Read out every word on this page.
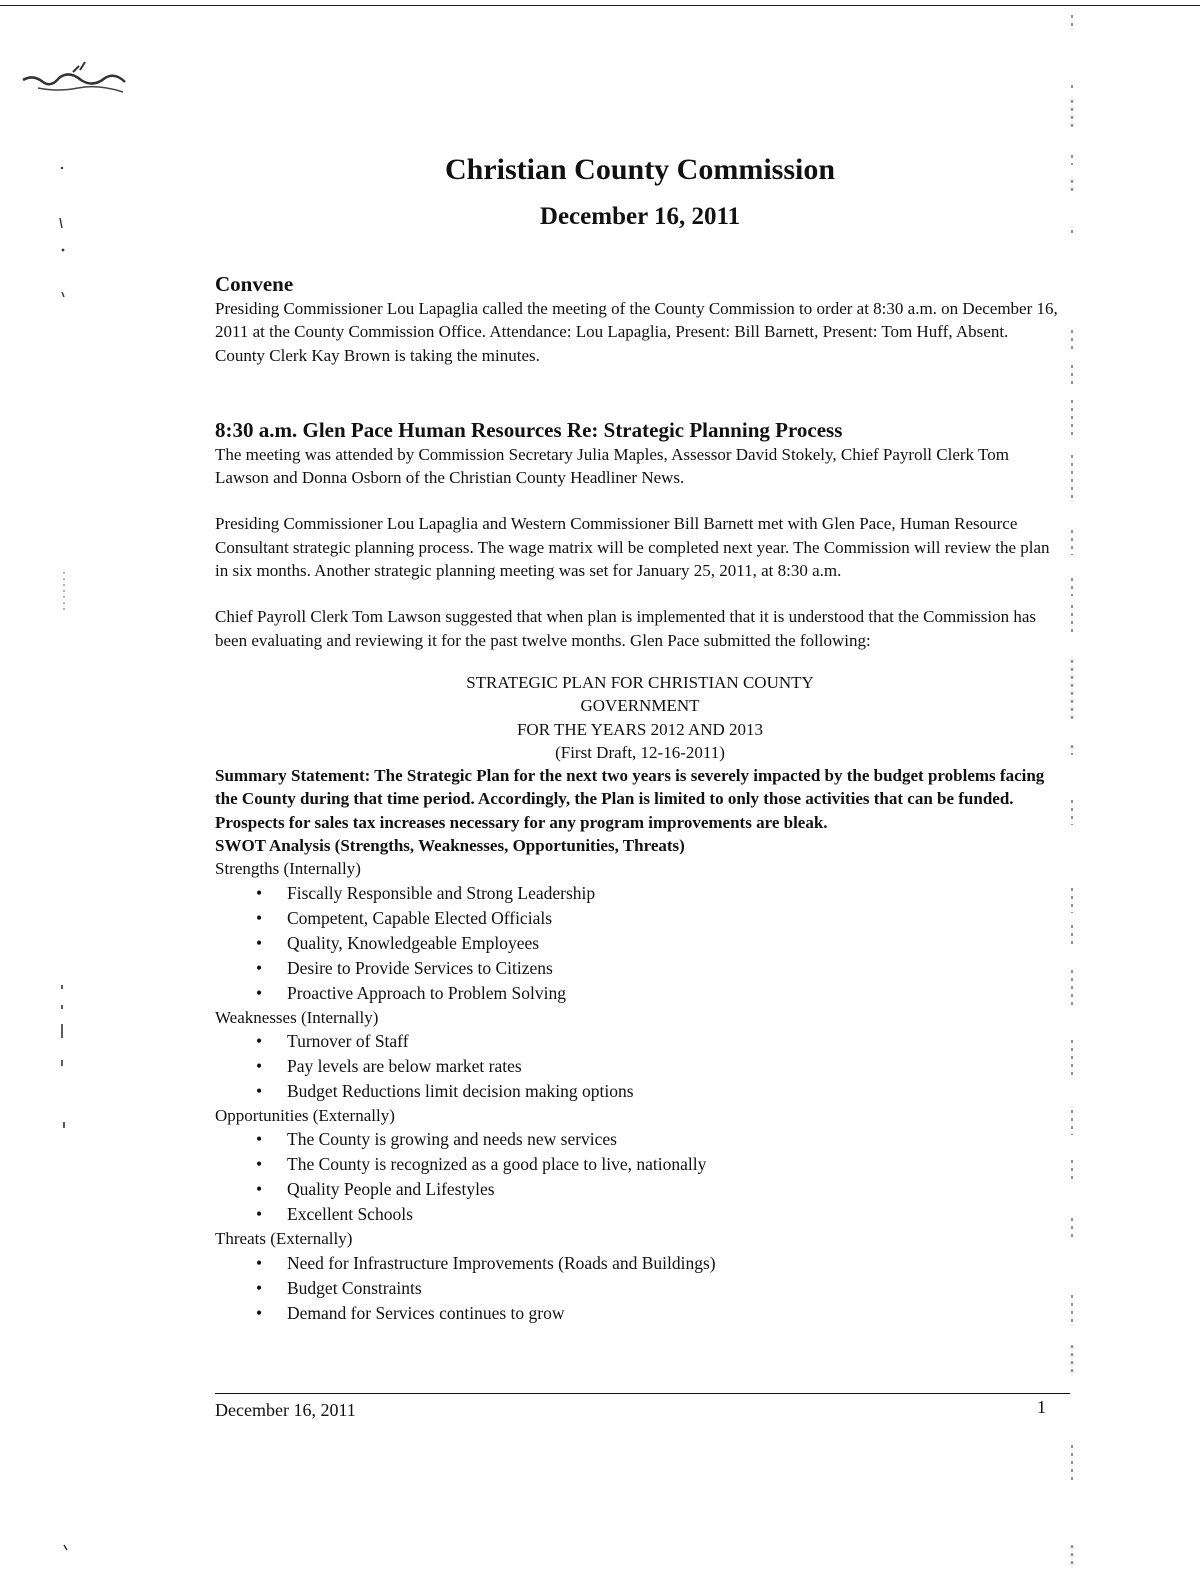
Christian County Commission
December 16, 2011
Convene

Presiding Commissioner Lou Lapaglia called the meeting of the County Commission to order at 8:30 a.m. on December 16, 2011 at the County Commission Office. Attendance: Lou Lapaglia, Present: Bill Barnett, Present: Tom Huff, Absent. County Clerk Kay Brown is taking the minutes.

8:30 a.m. Glen Pace Human Resources Re: Strategic Planning Process

The meeting was attended by Commission Secretary Julia Maples, Assessor David Stokely, Chief Payroll Clerk Tom Lawson and Donna Osborn of the Christian County Headliner News.

Presiding Commissioner Lou Lapaglia and Western Commissioner Bill Barnett met with Glen Pace, Human Resource Consultant strategic planning process. The wage matrix will be completed next year. The Commission will review the plan in six months. Another strategic planning meeting was set for January 25, 2011, at 8:30 a.m.

Chief Payroll Clerk Tom Lawson suggested that when plan is implemented that it is understood that the Commission has been evaluating and reviewing it for the past twelve months. Glen Pace submitted the following:

STRATEGIC PLAN FOR CHRISTIAN COUNTY
GOVERNMENT
FOR THE YEARS 2012 AND 2013
(First Draft, 12-16-2011)

Summary Statement: The Strategic Plan for the next two years is severely impacted by the budget problems facing the County during that time period. Accordingly, the Plan is limited to only those activities that can be funded. Prospects for sales tax increases necessary for any program improvements are bleak.

SWOT Analysis (Strengths, Weaknesses, Opportunities, Threats)
Strengths (Internally)
• Fiscally Responsible and Strong Leadership
• Competent, Capable Elected Officials
• Quality, Knowledgeable Employees
• Desire to Provide Services to Citizens
• Proactive Approach to Problem Solving
Weaknesses (Internally)
• Turnover of Staff
• Pay levels are below market rates
• Budget Reductions limit decision making options
Opportunities (Externally)
• The County is growing and needs new services
• The County is recognized as a good place to live, nationally
• Quality People and Lifestyles
• Excellent Schools
Threats (Externally)
• Need for Infrastructure Improvements (Roads and Buildings)
• Budget Constraints
• Demand for Services continues to grow
December 16, 2011	1
